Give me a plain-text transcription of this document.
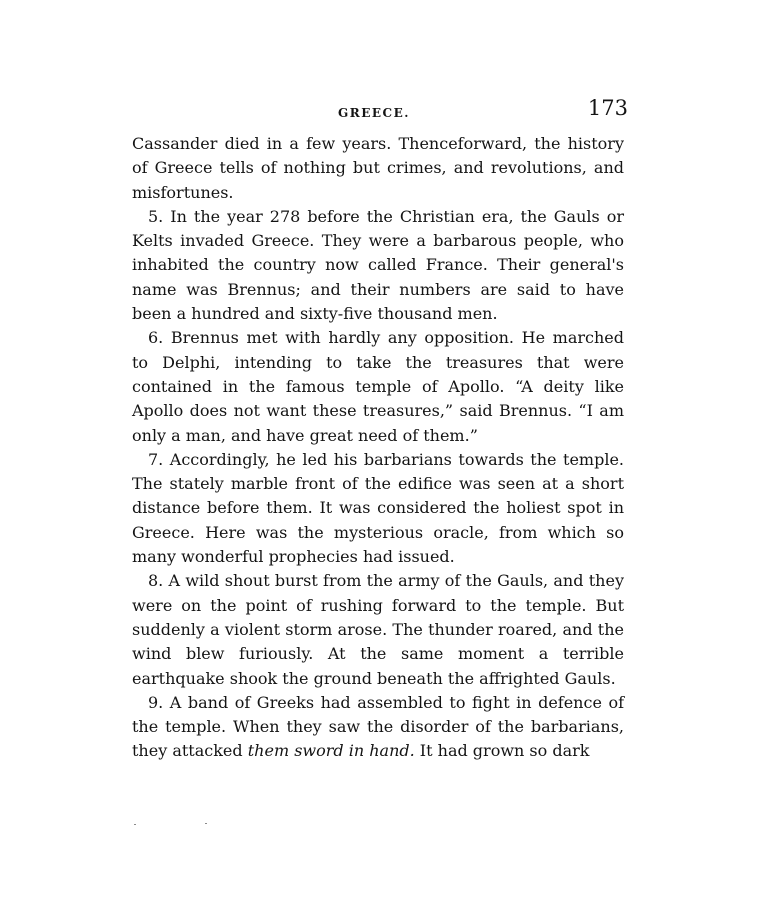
GREECE.	173

Cassander died in a few years. Thenceforward, the history of Greece tells of nothing but crimes, and revolutions, and misfortunes.

5. In the year 278 before the Christian era, the Gauls or Kelts invaded Greece. They were a barbarous people, who inhabited the country now called France. Their general's name was Brennus; and their numbers are said to have been a hundred and sixty-five thousand men.

6. Brennus met with hardly any opposition. He marched to Delphi, intending to take the treasures that were contained in the famous temple of Apollo. “A deity like Apollo does not want these treasures,” said Brennus. “I am only a man, and have great need of them.”

7. Accordingly, he led his barbarians towards the temple. The stately marble front of the edifice was seen at a short distance before them. It was considered the holiest spot in Greece. Here was the mysterious oracle, from which so many wonderful prophecies had issued.

8. A wild shout burst from the army of the Gauls, and they were on the point of rushing forward to the temple. But suddenly a violent storm arose. The thunder roared, and the wind blew furiously. At the same moment a terrible earthquake shook the ground beneath the affrighted Gauls.

9. A band of Greeks had assembled to fight in defence of the temple. When they saw the disorder of the barbarians, they attacked them sword in hand. It had grown so dark
